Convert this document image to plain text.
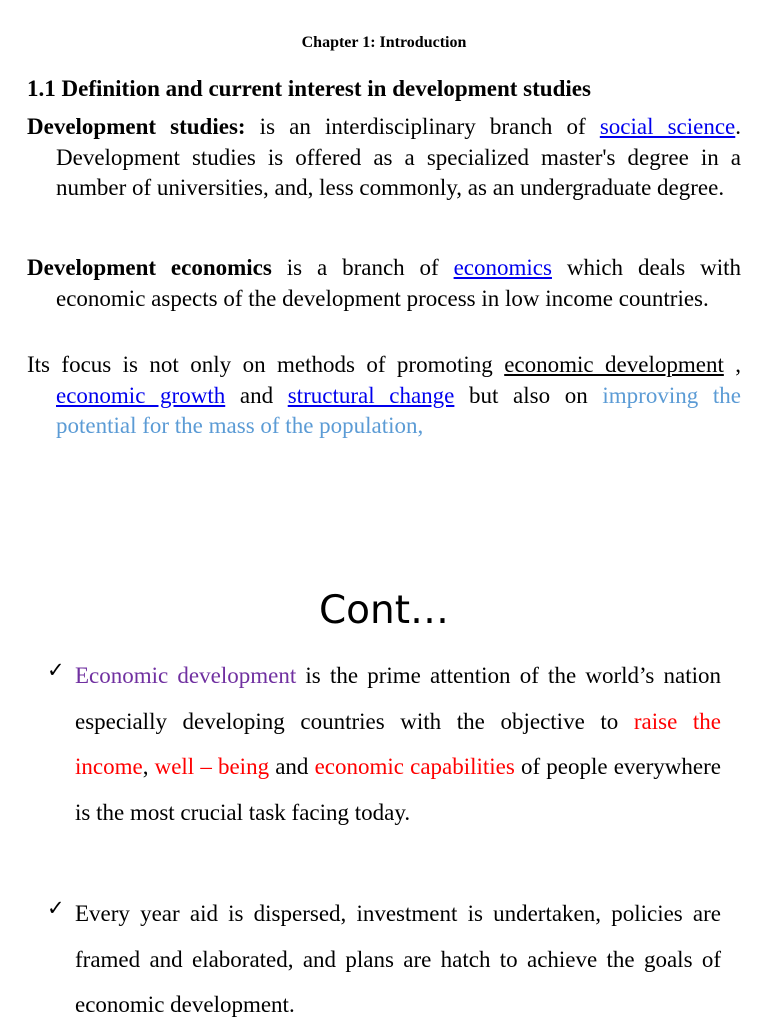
Chapter 1: Introduction
1.1 Definition and current interest in development studies
Development studies: is an interdisciplinary branch of social science. Development studies is offered as a specialized master's degree in a number of universities, and, less commonly, as an undergraduate degree.
Development economics is a branch of economics which deals with economic aspects of the development process in low income countries.
Its focus is not only on methods of promoting economic development , economic growth and structural change but also on improving the potential for the mass of the population,
Cont…
✓ Economic development is the prime attention of the world’s nation especially developing countries with the objective to raise the income, well – being and economic capabilities of people everywhere is the most crucial task facing today.
✓ Every year aid is dispersed, investment is undertaken, policies are framed and elaborated, and plans are hatch to achieve the goals of economic development.
